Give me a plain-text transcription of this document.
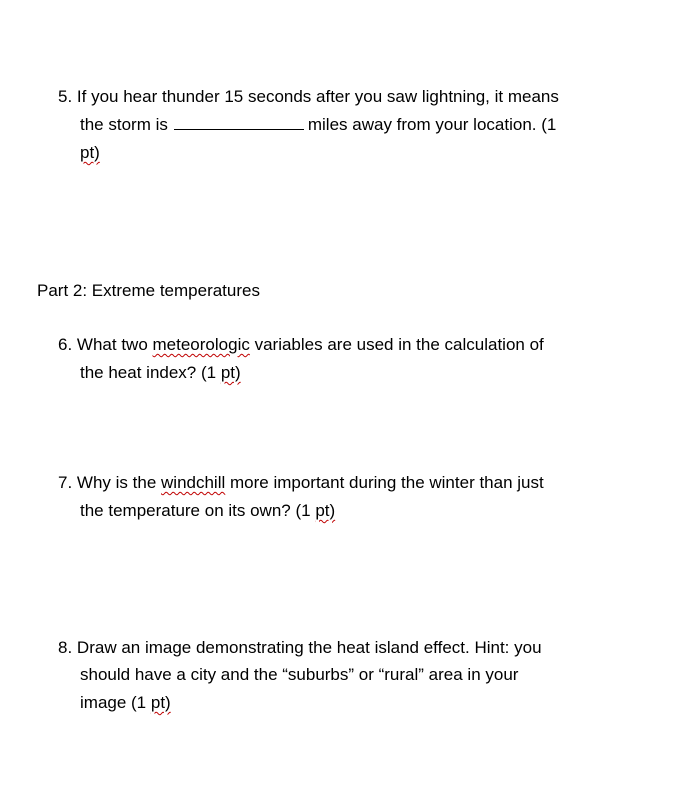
5. If you hear thunder 15 seconds after you saw lightning, it means
the storm is	miles away from your location. (1
pt)
Part 2: Extreme temperatures
6. What two meteorologic variables are used in the calculation of
the heat index? (1 pt)
7. Why is the windchill more important during the winter than just
the temperature on its own? (1 pt)
8. Draw an image demonstrating the heat island effect. Hint: you
should have a city and the “suburbs” or “rural” area in your
image (1 pt)
